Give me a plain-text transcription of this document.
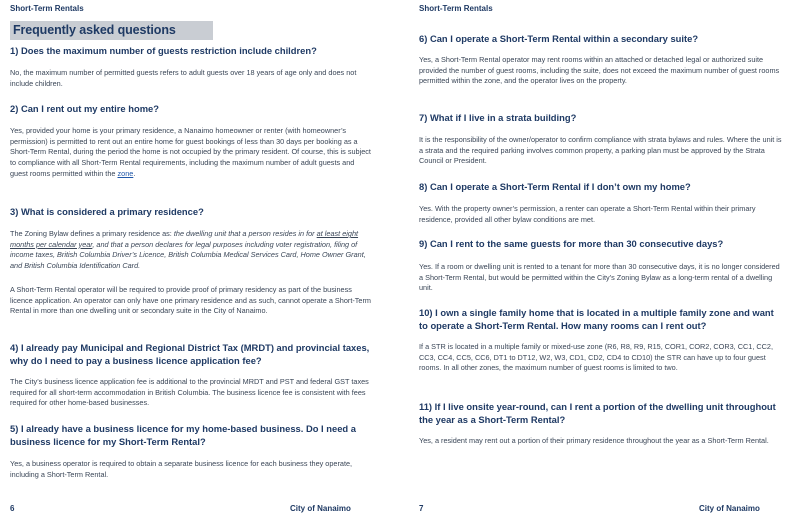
Short-Term Rentals
Frequently asked questions
1) Does the maximum number of guests restriction include children?
No, the maximum number of permitted guests refers to adult guests over 18 years of age only and does not include children.
2) Can I rent out my entire home?
Yes, provided your home is your primary residence, a Nanaimo homeowner or renter (with homeowner’s permission) is permitted to rent out an entire home for guest bookings of less than 30 days per booking as a Short-Term Rental, during the period the home is not occupied by the primary resident. Of course, this is subject to compliance with all Short-Term Rental requirements, including the maximum number of adult guests and guest rooms permitted within the zone.
3) What is considered a primary residence?
The Zoning Bylaw defines a primary residence as: the dwelling unit that a person resides in for at least eight months per calendar year, and that a person declares for legal purposes including voter registration, filing of income taxes, British Columbia Driver’s Licence, British Columbia Medical Services Card, Home Owner Grant, and British Columbia Identification Card.
A Short-Term Rental operator will be required to provide proof of primary residency as part of the business licence application. An operator can only have one primary residence and as such, cannot operate a Short-Term Rental in more than one dwelling unit or secondary suite in the City of Nanaimo.
4) I already pay Municipal and Regional District Tax (MRDT) and provincial taxes, why do I need to pay a business licence application fee?
The City’s business licence application fee is additional to the provincial MRDT and PST and federal GST taxes required for all short-term accommodation in British Columbia. The business licence fee is consistent with fees required for other home-based businesses.
5) I already have a business licence for my home-based business. Do I need a business licence for my Short-Term Rental?
Yes, a business operator is required to obtain a separate business licence for each business they operate, including a Short-Term Rental.
6	City of Nanaimo
Short-Term Rentals
6) Can I operate a Short-Term Rental within a secondary suite?
Yes, a Short-Term Rental operator may rent rooms within an attached or detached legal or authorized suite provided the number of guest rooms, including the suite, does not exceed the maximum number of guest rooms permitted within the zone, and the operator lives on the property.
7) What if I live in a strata building?
It is the responsibility of the owner/operator to confirm compliance with strata bylaws and rules. Where the unit is a strata and the required parking involves common property, a parking plan must be approved by the Strata Council or President.
8) Can I operate a Short-Term Rental if I don’t own my home?
Yes. With the property owner’s permission, a renter can operate a Short-Term Rental within their primary residence, provided all other bylaw conditions are met.
9) Can I rent to the same guests for more than 30 consecutive days?
Yes. If a room or dwelling unit is rented to a tenant for more than 30 consecutive days, it is no longer considered a Short-Term Rental, but would be permitted within the City’s Zoning Bylaw as a long-term rental of a dwelling unit.
10) I own a single family home that is located in a multiple family zone and want to operate a Short-Term Rental. How many rooms can I rent out?
If a STR is located in a multiple family or mixed-use zone (R6, R8, R9, R15, COR1, COR2, COR3, CC1, CC2, CC3, CC4, CC5, CC6, DT1 to DT12, W2, W3, CD1, CD2, CD4 to CD10) the STR can have up to four guest rooms. In all other zones, the maximum number of guest rooms is limited to two.
11) If I live onsite year-round, can I rent a portion of the dwelling unit throughout the year as a Short-Term Rental?
Yes, a resident may rent out a portion of their primary residence throughout the year as a Short-Term Rental.
7	City of Nanaimo
